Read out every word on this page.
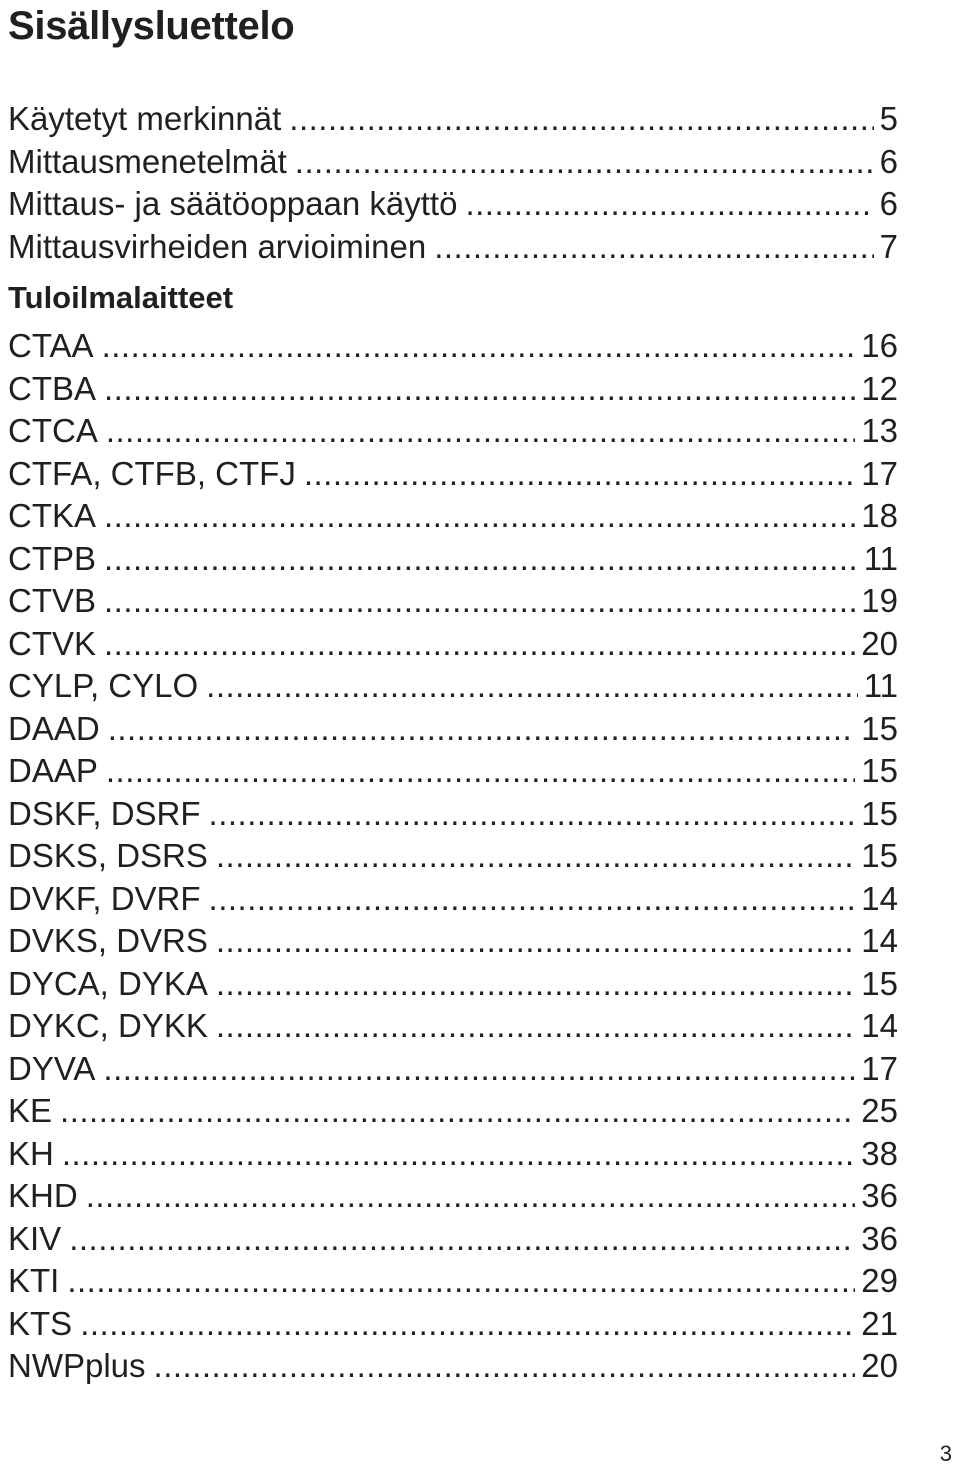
Sisällysluettelo
Käytetyt merkinnät .....	5
Mittausmenetelmät .....	6
Mittaus- ja säätöoppaan käyttö .....	6
Mittausvirheiden arvioiminen .....	7
Tuloilmalaitteet
CTAA .....	16
CTBA .....	12
CTCA .....	13
CTFA, CTFB, CTFJ .....	17
CTKA .....	18
CTPB .....	11
CTVB .....	19
CTVK .....	20
CYLP, CYLO .....	11
DAAD .....	15
DAAP .....	15
DSKF, DSRF .....	15
DSKS, DSRS .....	15
DVKF, DVRF .....	14
DVKS, DVRS .....	14
DYCA, DYKA .....	15
DYKC, DYKK .....	14
DYVA .....	17
KE .....	25
KH .....	38
KHD .....	36
KIV .....	36
KTI .....	29
KTS .....	21
NWPplus .....	20
3
